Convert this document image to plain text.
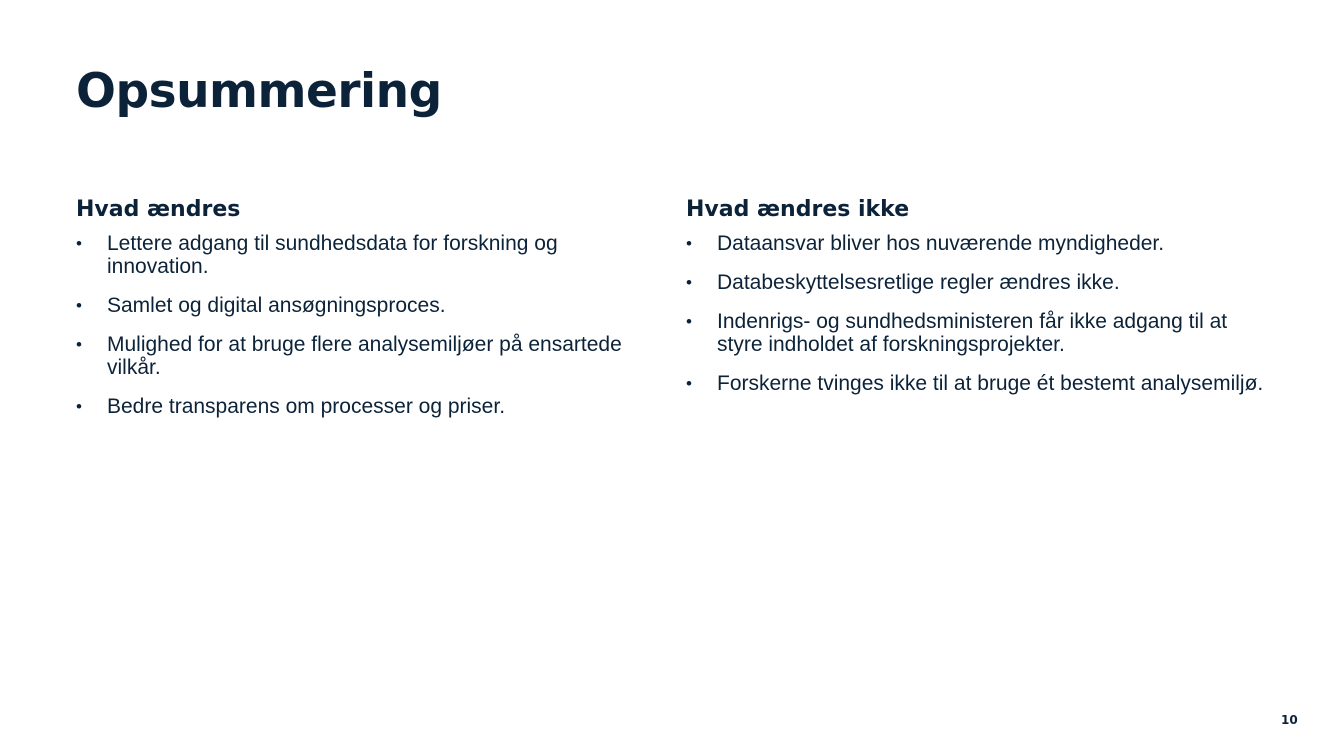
Opsummering
Hvad ændres
• Lettere adgang til sundhedsdata for forskning og innovation.
• Samlet og digital ansøgningsproces.
• Mulighed for at bruge flere analysemiljøer på ensartede vilkår.
• Bedre transparens om processer og priser.
Hvad ændres ikke
• Dataansvar bliver hos nuværende myndigheder.
• Databeskyttelsesretlige regler ændres ikke.
• Indenrigs- og sundhedsministeren får ikke adgang til at styre indholdet af forskningsprojekter.
• Forskerne tvinges ikke til at bruge ét bestemt analysemiljø.
10
